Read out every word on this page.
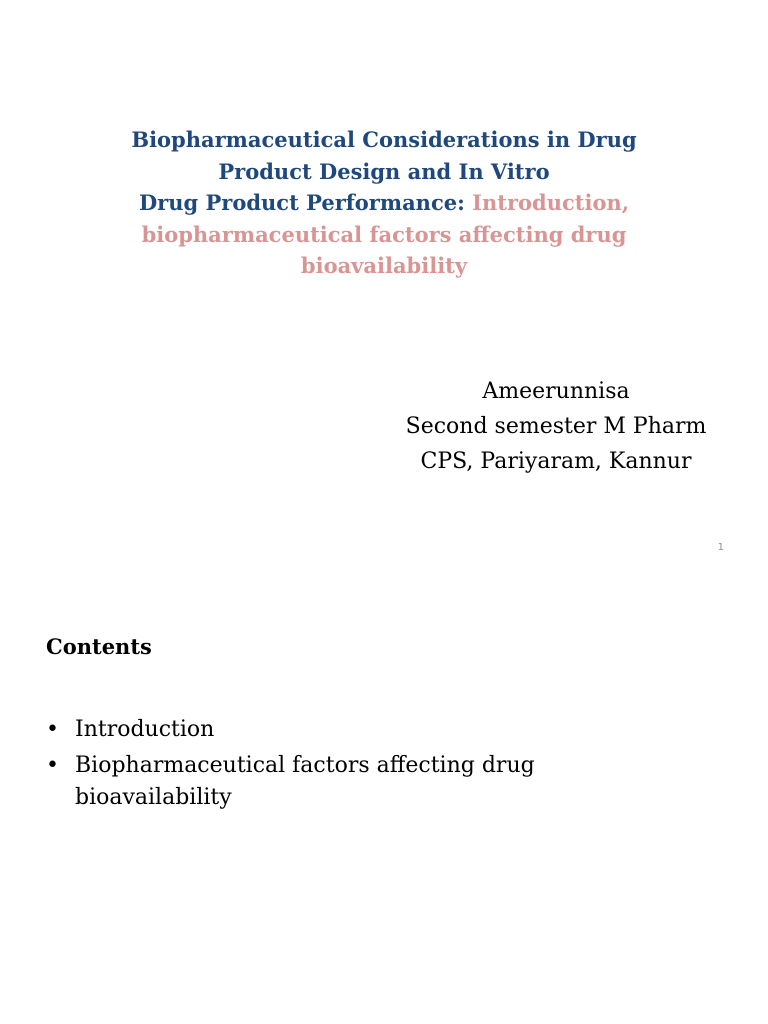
Biopharmaceutical Considerations in Drug
Product Design and In Vitro
Drug Product Performance: Introduction,
biopharmaceutical factors affecting drug
bioavailability
Ameerunnisa
Second semester M Pharm
CPS, Pariyaram, Kannur
1
Contents
• Introduction
• Biopharmaceutical factors affecting drug bioavailability
